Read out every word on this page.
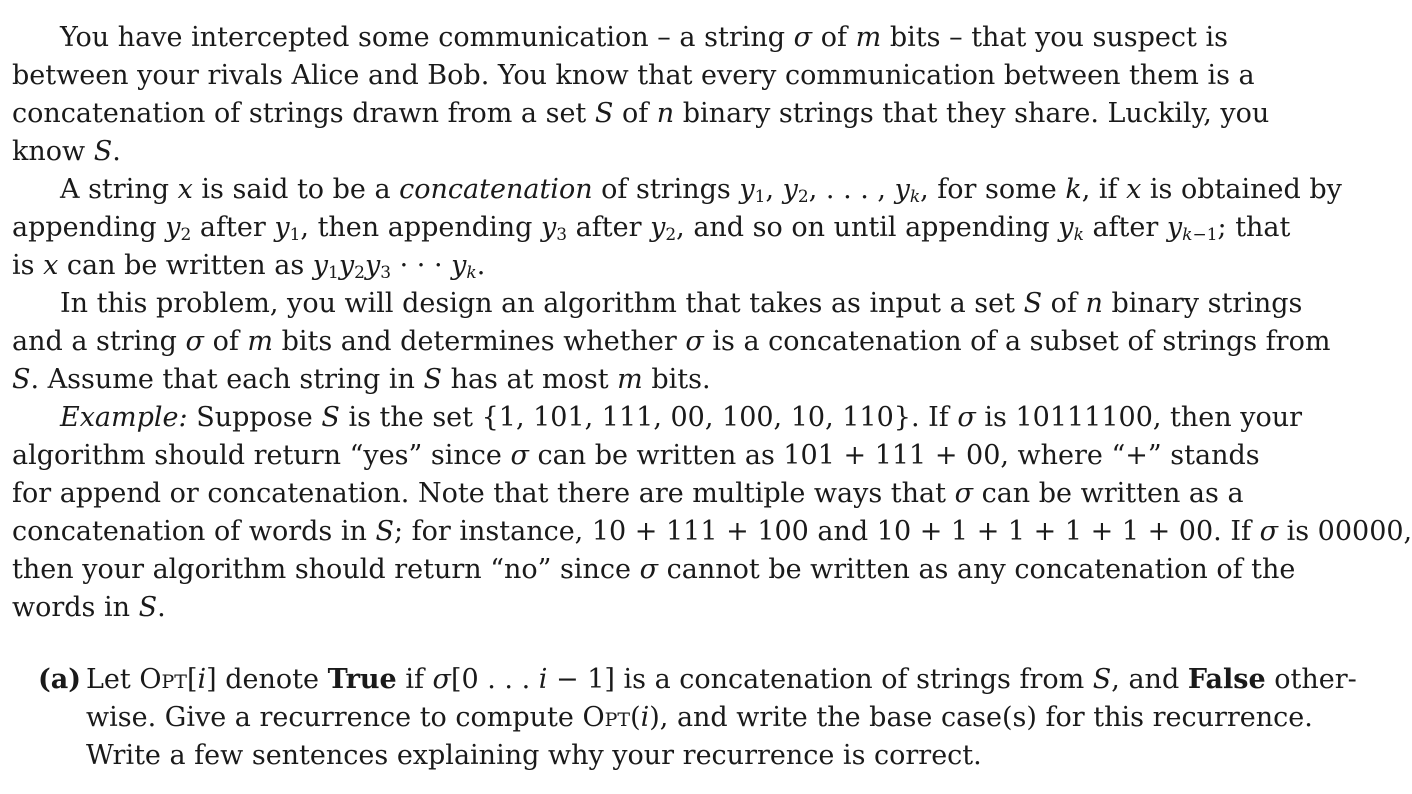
You have intercepted some communication – a string σ of m bits – that you suspect is
between your rivals Alice and Bob. You know that every communication between them is a
concatenation of strings drawn from a set S of n binary strings that they share. Luckily, you
know S.
A string x is said to be a concatenation of strings $y_1$, $y_2$, . . . , $y_k$, for some k, if x is obtained by
appending $y_2$ after $y_1$, then appending $y_3$ after $y_2$, and so on until appending $y_k$ after $y_{k-1}$; that
is x can be written as $y_1y_2y_3$ · · · $y_k$.
In this problem, you will design an algorithm that takes as input a set S of n binary strings
and a string σ of m bits and determines whether σ is a concatenation of a subset of strings from
S. Assume that each string in S has at most m bits.
Example: Suppose S is the set {1, 101, 111, 00, 100, 10, 110}. If σ is 10111100, then your
algorithm should return “yes” since σ can be written as 101 + 111 + 00, where “+” stands
for append or concatenation. Note that there are multiple ways that σ can be written as a
concatenation of words in S; for instance, 10 + 111 + 100 and 10 + 1 + 1 + 1 + 1 + 00. If σ is 00000,
then your algorithm should return “no” since σ cannot be written as any concatenation of the
words in S.
(a) Let Opt[i] denote True if σ[0 . . . i − 1] is a concatenation of strings from S, and False other-
wise. Give a recurrence to compute Opt(i), and write the base case(s) for this recurrence.
Write a few sentences explaining why your recurrence is correct.
